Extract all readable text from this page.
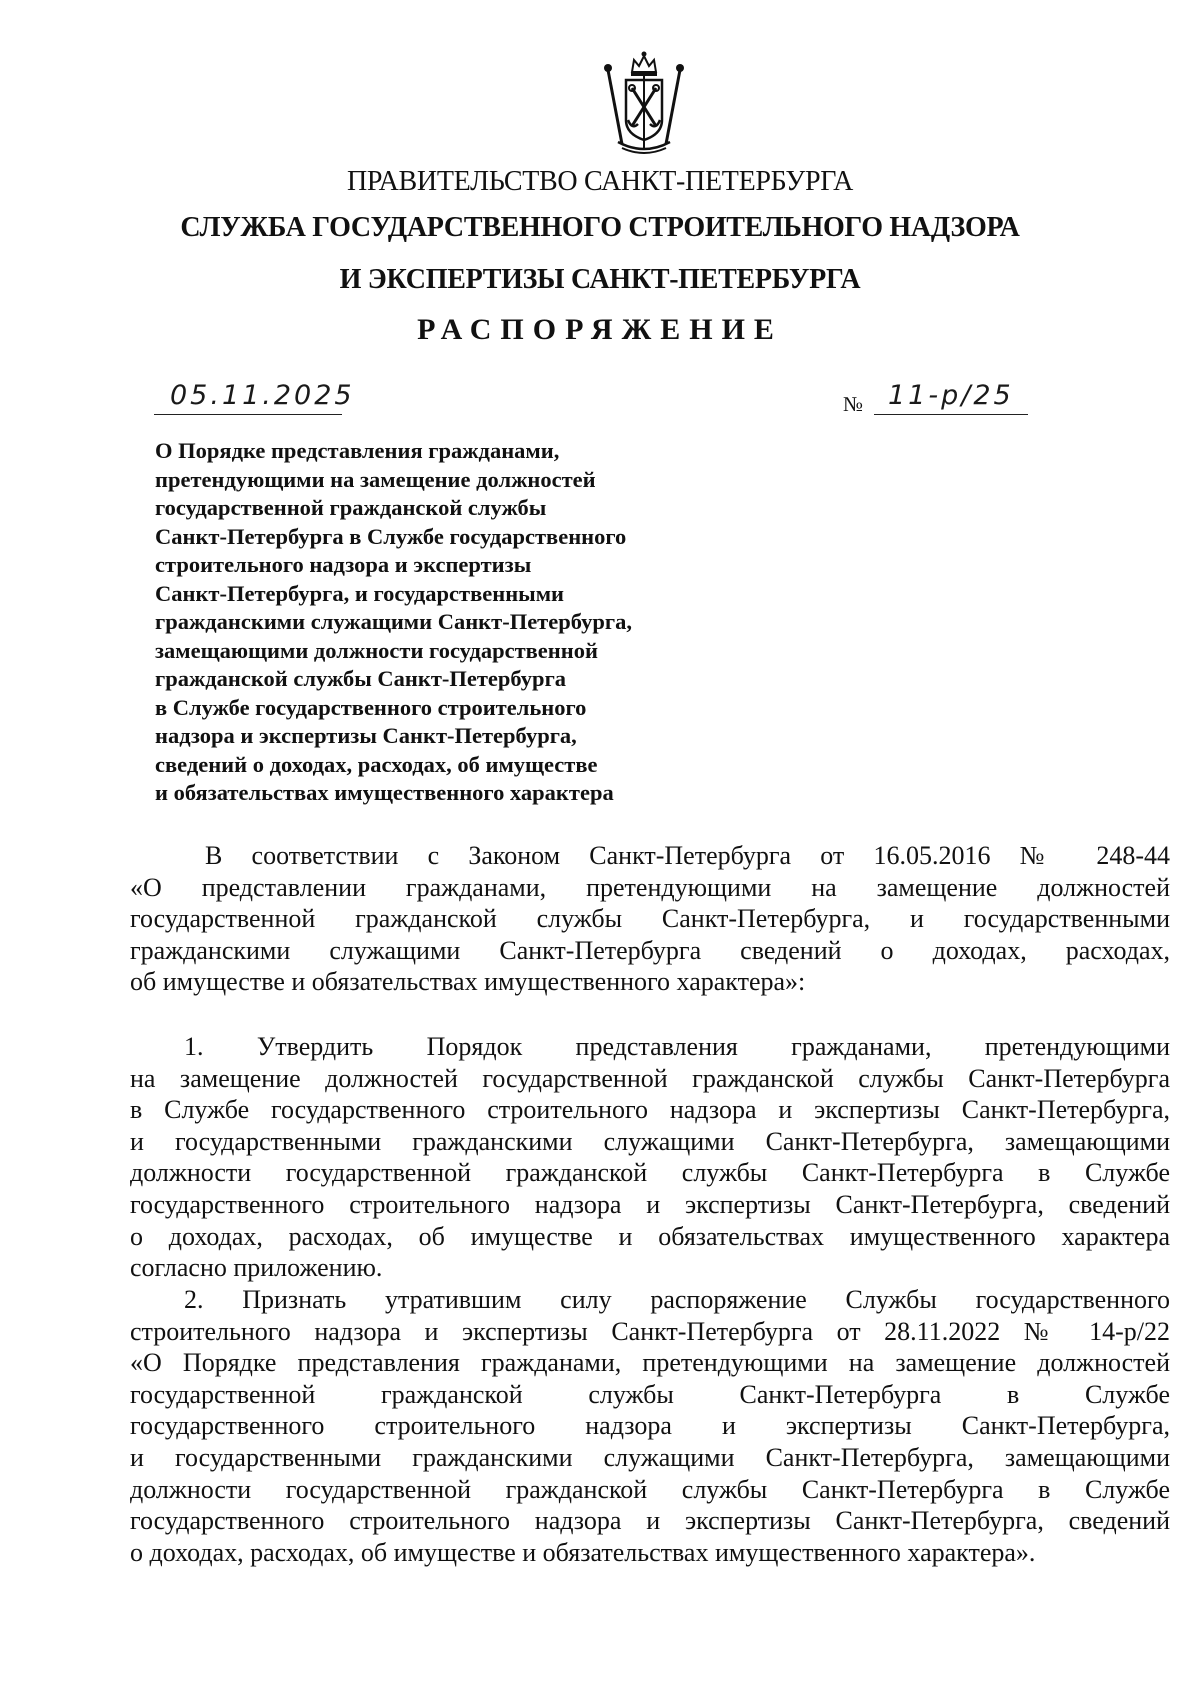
ПРАВИТЕЛЬСТВО САНКТ-ПЕТЕРБУРГА
СЛУЖБА ГОСУДАРСТВЕННОГО СТРОИТЕЛЬНОГО НАДЗОРА
И ЭКСПЕРТИЗЫ САНКТ-ПЕТЕРБУРГА
РАСПОРЯЖЕНИЕ
05.11.2025	№ 11-р/25
О Порядке представления гражданами,
претендующими на замещение должностей
государственной гражданской службы
Санкт-Петербурга в Службе государственного
строительного надзора и экспертизы
Санкт-Петербурга, и государственными
гражданскими служащими Санкт-Петербурга,
замещающими должности государственной
гражданской службы Санкт-Петербурга
в Службе государственного строительного
надзора и экспертизы Санкт-Петербурга,
сведений о доходах, расходах, об имуществе
и обязательствах имущественного характера
В соответствии с Законом Санкт-Петербурга от 16.05.2016 № 248-44
«О представлении гражданами, претендующими на замещение должностей
государственной гражданской службы Санкт-Петербурга, и государственными
гражданскими служащими Санкт-Петербурга сведений о доходах, расходах,
об имуществе и обязательствах имущественного характера»:
1. Утвердить Порядок представления гражданами, претендующими
на замещение должностей государственной гражданской службы Санкт-Петербурга
в Службе государственного строительного надзора и экспертизы Санкт-Петербурга,
и государственными гражданскими служащими Санкт-Петербурга, замещающими
должности государственной гражданской службы Санкт-Петербурга в Службе
государственного строительного надзора и экспертизы Санкт-Петербурга, сведений
о доходах, расходах, об имуществе и обязательствах имущественного характера
согласно приложению.
2. Признать утратившим силу распоряжение Службы государственного
строительного надзора и экспертизы Санкт-Петербурга от 28.11.2022 № 14-р/22
«О Порядке представления гражданами, претендующими на замещение должностей
государственной гражданской службы Санкт-Петербурга в Службе
государственного строительного надзора и экспертизы Санкт-Петербурга,
и государственными гражданскими служащими Санкт-Петербурга, замещающими
должности государственной гражданской службы Санкт-Петербурга в Службе
государственного строительного надзора и экспертизы Санкт-Петербурга, сведений
о доходах, расходах, об имуществе и обязательствах имущественного характера».
